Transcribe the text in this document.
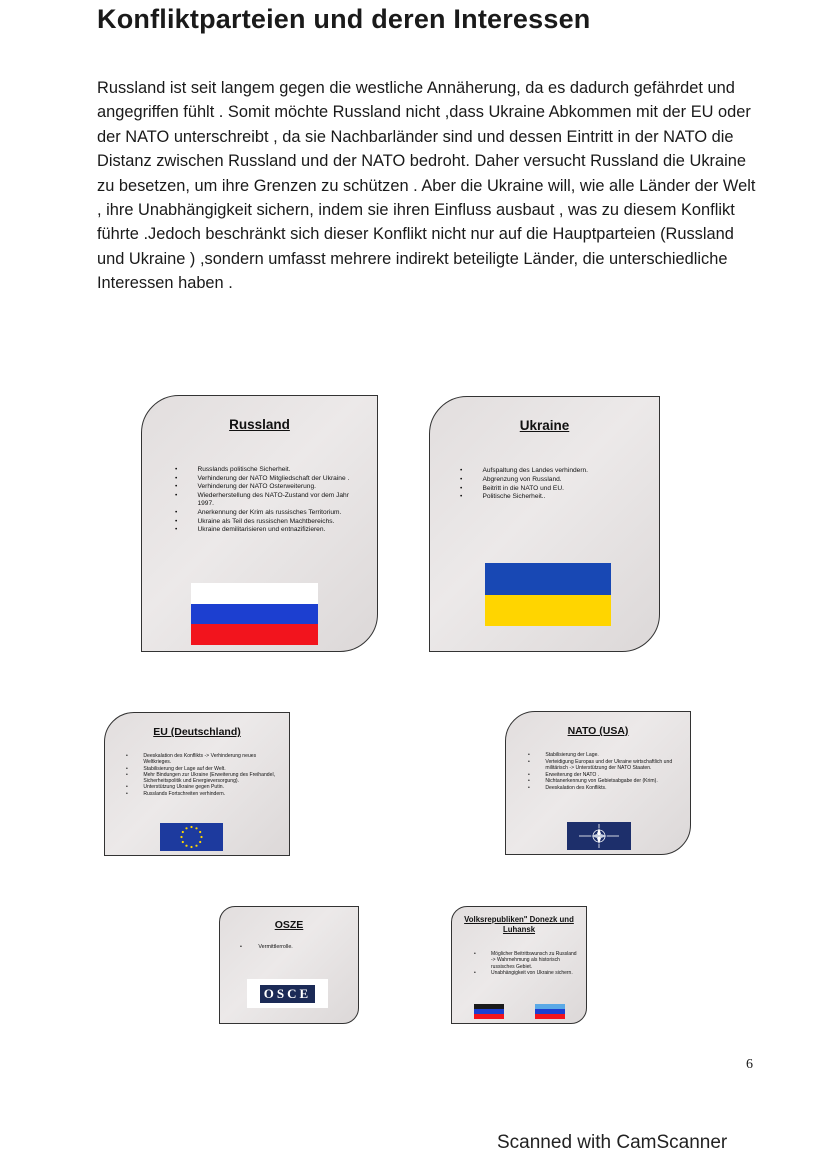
Konfliktparteien und deren Interessen

Russland ist seit langem gegen die westliche Annäherung, da es dadurch gefährdet und angegriffen fühlt . Somit möchte Russland nicht ,dass Ukraine Abkommen mit der EU oder der NATO unterschreibt , da sie Nachbarländer sind und dessen Eintritt in der NATO die Distanz zwischen Russland und der NATO bedroht. Daher versucht Russland die Ukraine zu besetzen, um ihre Grenzen zu schützen . Aber die Ukraine will, wie alle Länder der Welt , ihre Unabhängigkeit sichern, indem sie ihren Einfluss ausbaut , was zu diesem Konflikt führte .Jedoch beschränkt sich dieser Konflikt nicht nur auf die Hauptparteien (Russland und Ukraine ) ,sondern umfasst mehrere indirekt beteiligte Länder, die unterschiedliche Interessen haben .

Russland
• Russlands politische Sicherheit.
• Verhinderung der NATO Mitgliedschaft der Ukraine .
• Verhinderung der NATO Osterweiterung.
• Wiederherstellung des NATO-Zustand vor dem Jahr 1997.
• Anerkennung der Krim als russisches Territorium.
• Ukraine als Teil des russischen Machtbereichs.
• Ukraine demilitarisieren und entnazifizieren.
Ukraine
• Aufspaltung des Landes verhindern.
• Abgrenzung von Russland.
• Beitritt in die NATO und EU.
• Politische Sicherheit..
EU (Deutschland)
• Deeskalation des Konflikts -> Verhinderung neues Weltkrieges.
• Stabilisierung der Lage auf der Welt.
• Mehr Bindungen zur Ukraine (Erweiterung des Freihandel, Sicherheitspolitik und Energieversorgung).
• Unterstützung Ukraine gegen Putin.
• Russlands Fortschreiten verhindern.
NATO (USA)
• Stabilisierung der Lage.
• Verteidigung Europas und der Ukraine wirtschaftlich und militärisch -> Unterstützung der NATO Staaten.
• Erweiterung der NATO .
• Nichtanerkennung von Gebietsabgabe der (Krim).
• Deeskalation des Konflikts.
OSZE
• Vermittlerrolle.
OSCE
Volksrepubliken" Donezk und Luhansk
• Möglicher Beitrittswunsch zu Russland -> Wahrnehmung als historisch russisches Gebiet.
• Unabhängigkeit von Ukraine sichern.
6
Scanned with CamScanner
